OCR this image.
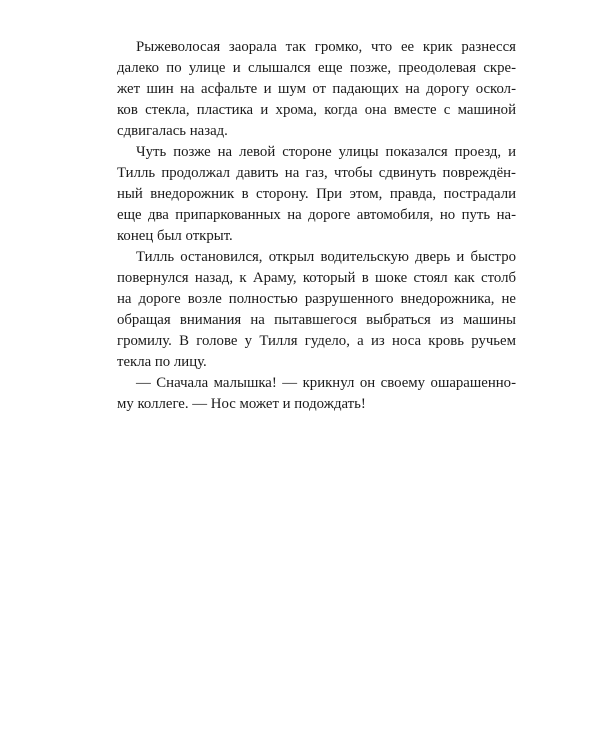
Рыжеволосая заорала так громко, что ее крик разнесся
далеко по улице и слышался еще позже, преодолевая скре-
жет шин на асфальте и шум от падающих на дорогу оскол-
ков стекла, пластика и хрома, когда она вместе с машиной
сдвигалась назад.
Чуть позже на левой стороне улицы показался проезд, и
Тилль продолжал давить на газ, чтобы сдвинуть повреждён-
ный внедорожник в сторону. При этом, правда, пострадали
еще два припаркованных на дороге автомобиля, но путь на-
конец был открыт.
Тилль остановился, открыл водительскую дверь и быстро
повернулся назад, к Араму, который в шоке стоял как столб
на дороге возле полностью разрушенного внедорожника, не
обращая внимания на пытавшегося выбраться из машины
громилу. В голове у Тилля гудело, а из носа кровь ручьем
текла по лицу.
— Сначала малышка! — крикнул он своему ошарашенно-
му коллеге. — Нос может и подождать!
